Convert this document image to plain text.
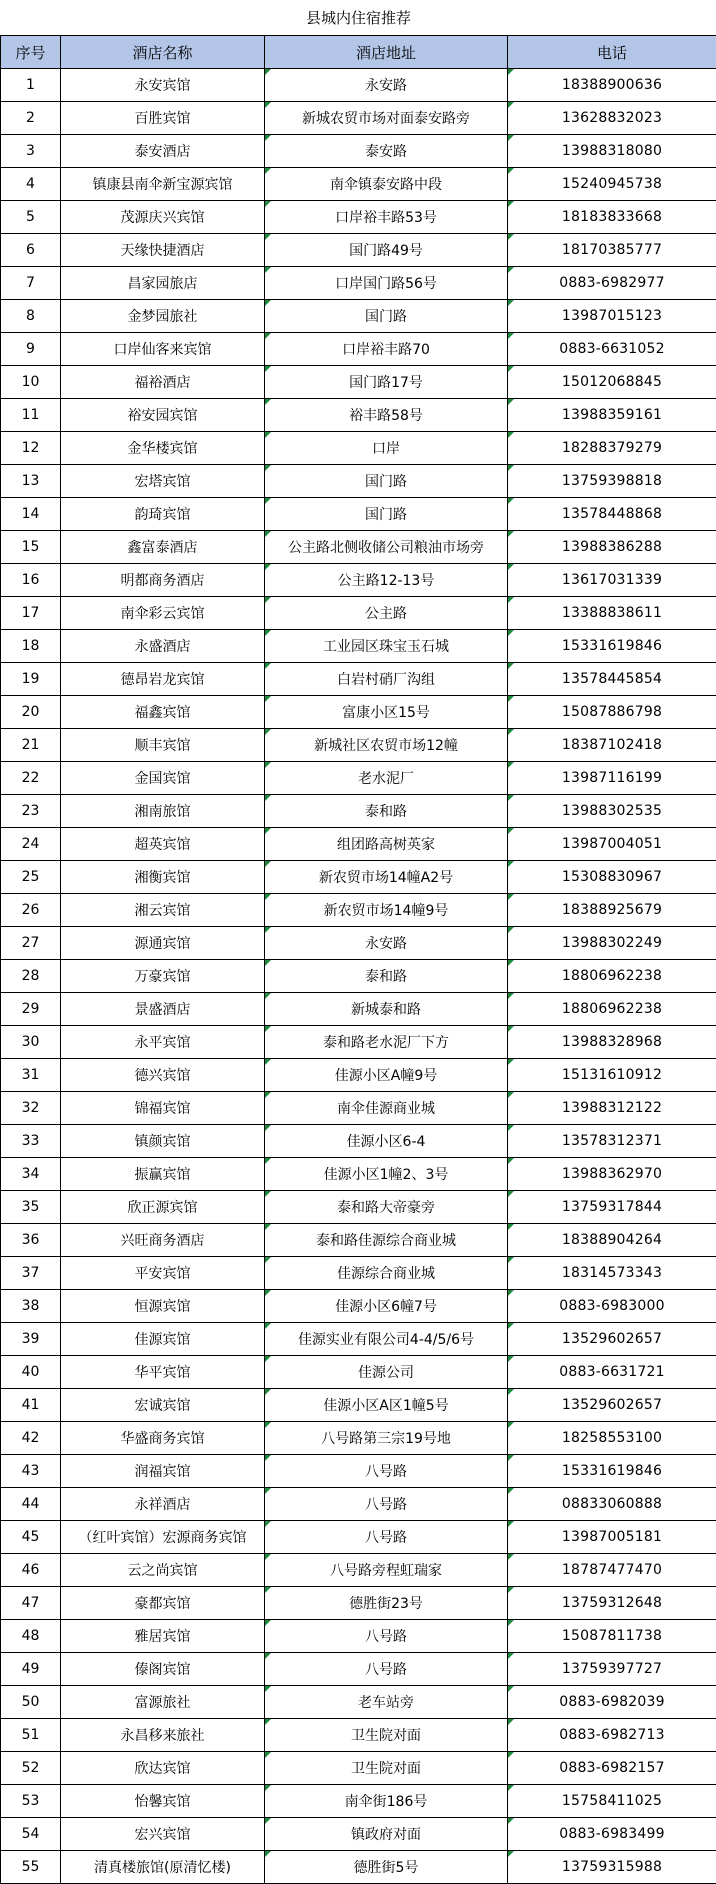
县城内住宿推荐			
序号	酒店名称	酒店地址	电话
1	永安宾馆	永安路	18388900636
2	百胜宾馆	新城农贸市场对面泰安路旁	13628832023
3	泰安酒店	泰安路	13988318080
4	镇康县南伞新宝源宾馆	南伞镇泰安路中段	15240945738
5	茂源庆兴宾馆	口岸裕丰路53号	18183833668
6	天缘快捷酒店	国门路49号	18170385777
7	昌家园旅店	口岸国门路56号	0883-6982977
8	金梦园旅社	国门路	13987015123
9	口岸仙客来宾馆	口岸裕丰路70	0883-6631052
10	福裕酒店	国门路17号	15012068845
11	裕安园宾馆	裕丰路58号	13988359161
12	金华楼宾馆	口岸	18288379279
13	宏塔宾馆	国门路	13759398818
14	韵琦宾馆	国门路	13578448868
15	鑫富泰酒店	公主路北侧收储公司粮油市场旁	13988386288
16	明都商务酒店	公主路12-13号	13617031339
17	南伞彩云宾馆	公主路	13388838611
18	永盛酒店	工业园区珠宝玉石城	15331619846
19	德昂岩龙宾馆	白岩村硝厂沟组	13578445854
20	福鑫宾馆	富康小区15号	15087886798
21	顺丰宾馆	新城社区农贸市场12幢	18387102418
22	金国宾馆	老水泥厂	13987116199
23	湘南旅馆	泰和路	13988302535
24	超英宾馆	组团路高树英家	13987004051
25	湘衡宾馆	新农贸市场14幢A2号	15308830967
26	湘云宾馆	新农贸市场14幢9号	18388925679
27	源通宾馆	永安路	13988302249
28	万豪宾馆	泰和路	18806962238
29	景盛酒店	新城泰和路	18806962238
30	永平宾馆	泰和路老水泥厂下方	13988328968
31	德兴宾馆	佳源小区A幢9号	15131610912
32	锦福宾馆	南伞佳源商业城	13988312122
33	镇颜宾馆	佳源小区6-4	13578312371
34	振赢宾馆	佳源小区1幢2、3号	13988362970
35	欣正源宾馆	泰和路大帝豪旁	13759317844
36	兴旺商务酒店	泰和路佳源综合商业城	18388904264
37	平安宾馆	佳源综合商业城	18314573343
38	恒源宾馆	佳源小区6幢7号	0883-6983000
39	佳源宾馆	佳源实业有限公司4-4/5/6号	13529602657
40	华平宾馆	佳源公司	0883-6631721
41	宏诚宾馆	佳源小区A区1幢5号	13529602657
42	华盛商务宾馆	八号路第三宗19号地	18258553100
43	润福宾馆	八号路	15331619846
44	永祥酒店	八号路	08833060888
45	（红叶宾馆）宏源商务宾馆	八号路	13987005181
46	云之尚宾馆	八号路旁程虹瑞家	18787477470
47	豪都宾馆	德胜街23号	13759312648
48	雅居宾馆	八号路	15087811738
49	傣阁宾馆	八号路	13759397727
50	富源旅社	老车站旁	0883-6982039
51	永昌移来旅社	卫生院对面	0883-6982713
52	欣达宾馆	卫生院对面	0883-6982157
53	怡馨宾馆	南伞街186号	15758411025
54	宏兴宾馆	镇政府对面	0883-6983499
55	清真楼旅馆(原清忆楼)	德胜街5号	13759315988
